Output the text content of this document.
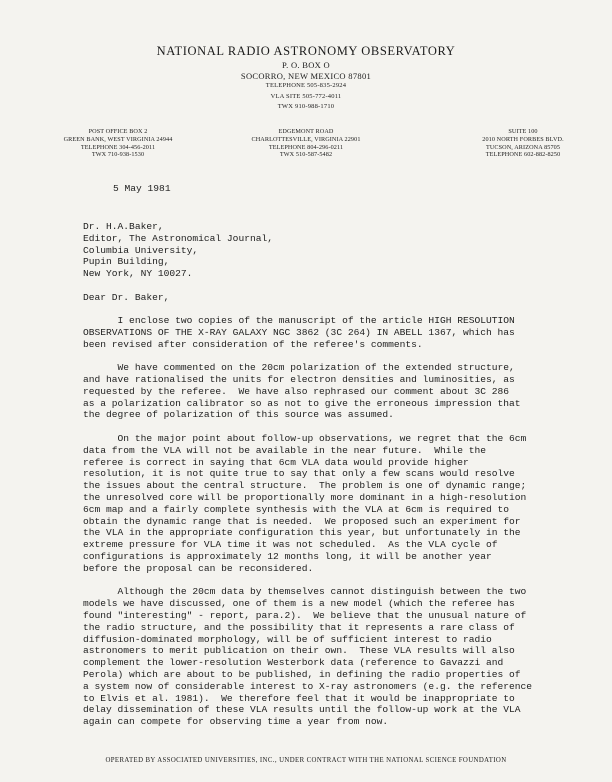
NATIONAL RADIO ASTRONOMY OBSERVATORY
P. O. BOX O
SOCORRO, NEW MEXICO 87801
TELEPHONE 505-835-2924
VLA SITE 505-772-4011
TWX 910-988-1710
POST OFFICE BOX 2
GREEN BANK, WEST VIRGINIA 24944
TELEPHONE 304-456-2011
TWX 710-938-1530
EDGEMONT ROAD
CHARLOTTESVILLE, VIRGINIA 22901
TELEPHONE 804-296-0211
TWX 510-587-5482
SUITE 100
2010 NORTH FORBES BLVD.
TUCSON, ARIZONA 85705
TELEPHONE 602-882-8250
5 May 1981
Dr. H.A.Baker,
Editor, The Astronomical Journal,
Columbia University,
Pupin Building,
New York, NY 10027.
Dear Dr. Baker,
I enclose two copies of the manuscript of the article HIGH RESOLUTION
OBSERVATIONS OF THE X-RAY GALAXY NGC 3862 (3C 264) IN ABELL 1367, which has
been revised after consideration of the referee's comments.
We have commented on the 20cm polarization of the extended structure,
and have rationalised the units for electron densities and luminosities, as
requested by the referee.  We have also rephrased our comment about 3C 286
as a polarization calibrator so as not to give the erroneous impression that
the degree of polarization of this source was assumed.
On the major point about follow-up observations, we regret that the 6cm
data from the VLA will not be available in the near future.  While the
referee is correct in saying that 6cm VLA data would provide higher
resolution, it is not quite true to say that only a few scans would resolve
the issues about the central structure.  The problem is one of dynamic range;
the unresolved core will be proportionally more dominant in a high-resolution
6cm map and a fairly complete synthesis with the VLA at 6cm is required to
obtain the dynamic range that is needed.  We proposed such an experiment for
the VLA in the appropriate configuration this year, but unfortunately in the
extreme pressure for VLA time it was not scheduled.  As the VLA cycle of
configurations is approximately 12 months long, it will be another year
before the proposal can be reconsidered.
Although the 20cm data by themselves cannot distinguish between the two
models we have discussed, one of them is a new model (which the referee has
found "interesting" - report, para.2).  We believe that the unusual nature of
the radio structure, and the possibility that it represents a rare class of
diffusion-dominated morphology, will be of sufficient interest to radio
astronomers to merit publication on their own.  These VLA results will also
complement the lower-resolution Westerbork data (reference to Gavazzi and
Perola) which are about to be published, in defining the radio properties of
a system now of considerable interest to X-ray astronomers (e.g. the reference
to Elvis et al. 1981).  We therefore feel that it would be inappropriate to
delay dissemination of these VLA results until the follow-up work at the VLA
again can compete for observing time a year from now.
OPERATED BY ASSOCIATED UNIVERSITIES, INC., UNDER CONTRACT WITH THE NATIONAL SCIENCE FOUNDATION
